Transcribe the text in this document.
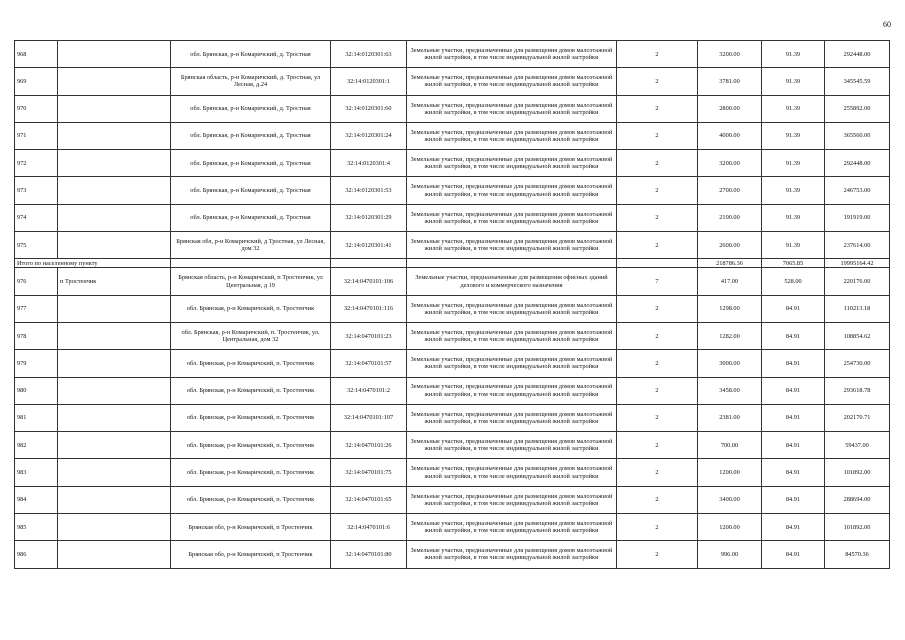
60
968		обл. Брянская, р-н Комаричский, д. Тростная	32:14:0120301:63	Земельные участки, предназначенные для размещения домов малоэтажной жилой застройки, в том числе индивидуальной жилой застройки	2	3200.00	91.39	292448.00
969		Брянская область, р-н Комаричский, д. Тростная, ул Лесная, д.24	32:14:0120301:1	Земельные участки, предназначенные для размещения домов малоэтажной жилой застройки, в том числе индивидуальной жилой застройки	2	3781.00	91.39	345545.59
970		обл. Брянская, р-н Комаричский, д. Тростная	32:14:0120301:60	Земельные участки, предназначенные для размещения домов малоэтажной жилой застройки, в том числе индивидуальной жилой застройки	2	2800.00	91.39	255892.00
971		обл. Брянская, р-н Комаричский, д. Тростная	32:14:0120301:24	Земельные участки, предназначенные для размещения домов малоэтажной жилой застройки, в том числе индивидуальной жилой застройки	2	4000.00	91.39	365560.00
972		обл. Брянская, р-н Комаричский, д. Тростная	32:14:0120301:4	Земельные участки, предназначенные для размещения домов малоэтажной жилой застройки, в том числе индивидуальной жилой застройки	2	3200.00	91.39	292448.00
973		обл. Брянская, р-н Комаричский, д. Тростная	32:14:0120301:53	Земельные участки, предназначенные для размещения домов малоэтажной жилой застройки, в том числе индивидуальной жилой застройки	2	2700.00	91.39	246753.00
974		обл. Брянская, р-н Комаричский, д. Тростная	32:14:0120301:29	Земельные участки, предназначенные для размещения домов малоэтажной жилой застройки, в том числе индивидуальной жилой застройки	2	2100.00	91.39	191919.00
975		Брянская обл, р-н Комаричский, д Тростная, ул Лесная, дом 32	32:14:0120301:41	Земельные участки, предназначенные для размещения домов малоэтажной жилой застройки, в том числе индивидуальной жилой застройки	2	2600.00	91.39	237614.00
Итого по населенному пункту						218786.36	7065.85	19995164.42
976	п Тростенчик	Брянская область, р-н Комаричский, п Тростенчик, ул Центральная, д 19	32:14:0470101:106	Земельные участки, предназначенные для размещения офисных зданий делового и коммерческого назначения	7	417.00	528.00	220176.00
977		обл. Брянская, р-н Комаричский, п. Тростенчик	32:14:0470101:116	Земельные участки, предназначенные для размещения домов малоэтажной жилой застройки, в том числе индивидуальной жилой застройки	2	1298.00	84.91	110213.18
978		обл. Брянская, р-н Комаричский, п. Тростенчик, ул. Центральная, дом 32	32:14:0470101:23	Земельные участки, предназначенные для размещения домов малоэтажной жилой застройки, в том числе индивидуальной жилой застройки	2	1282.00	84.91	108854.62
979		обл. Брянская, р-н Комаричский, п. Тростенчик	32:14:0470101:57	Земельные участки, предназначенные для размещения домов малоэтажной жилой застройки, в том числе индивидуальной жилой застройки	2	3000.00	84.91	254730.00
980		обл. Брянская, р-н Комаричский, п. Тростенчик	32:14:0470101:2	Земельные участки, предназначенные для размещения домов малоэтажной жилой застройки, в том числе индивидуальной жилой застройки	2	3458.00	84.91	293618.78
981		обл. Брянская, р-н Комаричский, п. Тростенчик	32:14:0470101:107	Земельные участки, предназначенные для размещения домов малоэтажной жилой застройки, в том числе индивидуальной жилой застройки	2	2381.00	84.91	202170.71
982		обл. Брянская, р-н Комаричский, п. Тростенчик	32:14:0470101:26	Земельные участки, предназначенные для размещения домов малоэтажной жилой застройки, в том числе индивидуальной жилой застройки	2	700.00	84.91	59437.00
983		обл. Брянская, р-н Комаричский, п. Тростенчик	32:14:0470101:75	Земельные участки, предназначенные для размещения домов малоэтажной жилой застройки, в том числе индивидуальной жилой застройки	2	1200.00	84.91	101892.00
984		обл. Брянская, р-н Комаричский, п. Тростенчик	32:14:0470101:65	Земельные участки, предназначенные для размещения домов малоэтажной жилой застройки, в том числе индивидуальной жилой застройки	2	3400.00	84.91	288694.00
985		Брянская обл, р-н Комаричский, п Тростенчик	32:14:0470101:6	Земельные участки, предназначенные для размещения домов малоэтажной жилой застройки, в том числе индивидуальной жилой застройки	2	1200.00	84.91	101892.00
986		Брянская обл, р-н Комаричский, п Тростенчик	32:14:0470101:80	Земельные участки, предназначенные для размещения домов малоэтажной жилой застройки, в том числе индивидуальной жилой застройки	2	996.00	84.91	84570.36
